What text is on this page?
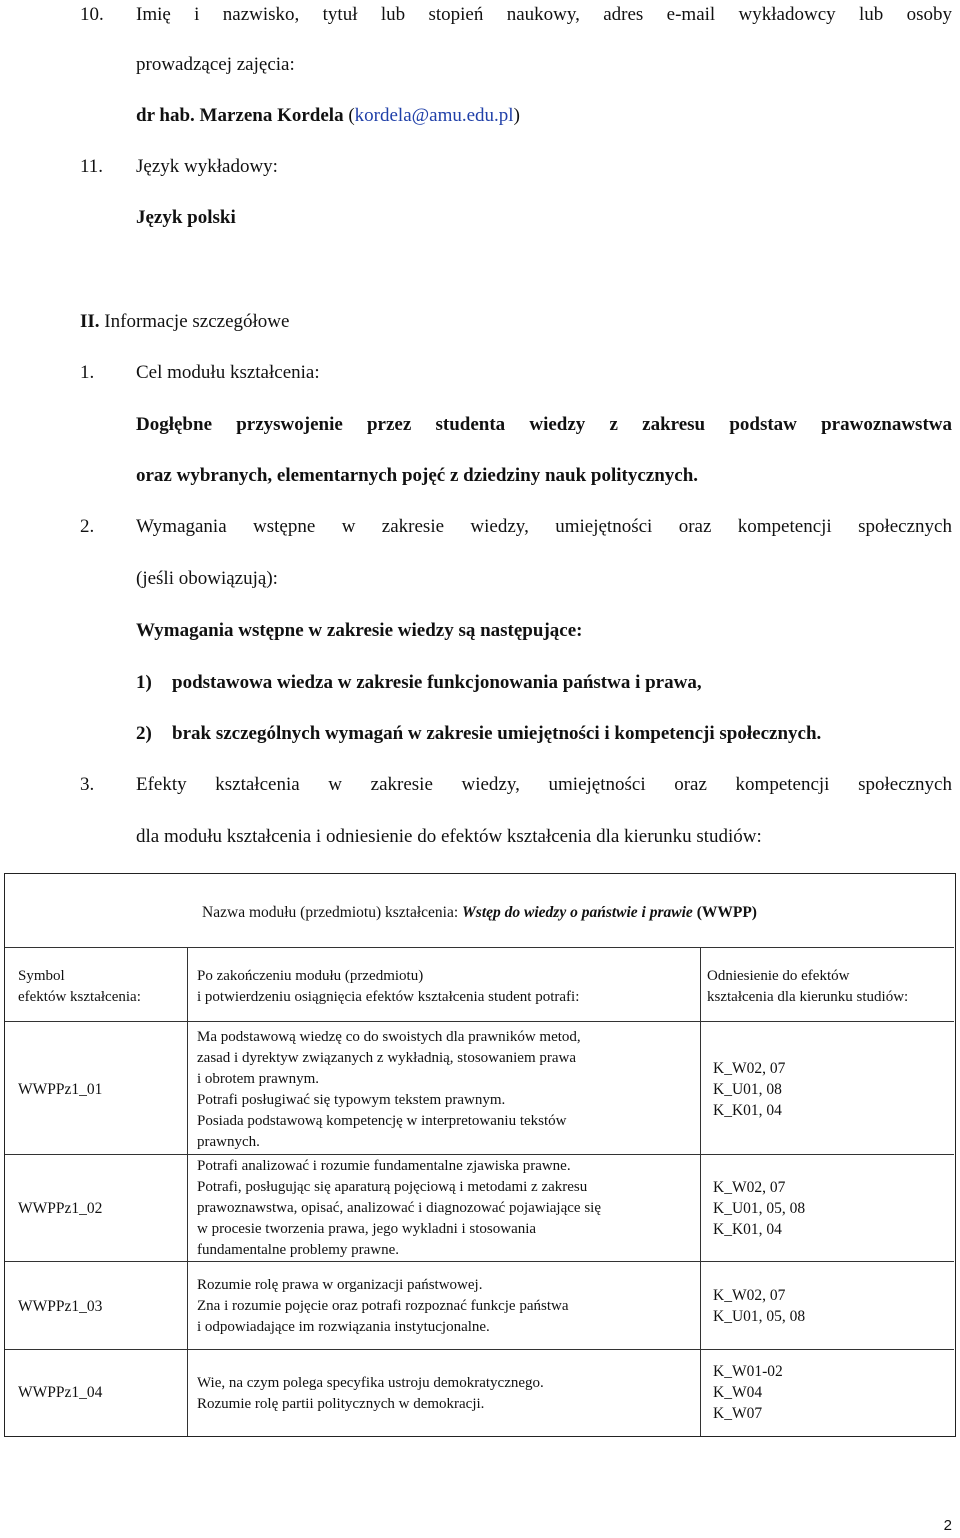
10. Imię i nazwisko, tytuł lub stopień naukowy, adres e-mail wykładowcy lub osoby
prowadzącej zajęcia:
dr hab. Marzena Kordela (kordela@amu.edu.pl)
11. Język wykładowy:
Język polski
II. Informacje szczegółowe
1. Cel modułu kształcenia:
Dogłębne przyswojenie przez studenta wiedzy z zakresu podstaw prawoznawstwa
oraz wybranych, elementarnych pojęć z dziedziny nauk politycznych.
2. Wymagania wstępne w zakresie wiedzy, umiejętności oraz kompetencji społecznych
(jeśli obowiązują):
Wymagania wstępne w zakresie wiedzy są następujące:
1) podstawowa wiedza w zakresie funkcjonowania państwa i prawa,
2) brak szczególnych wymagań w zakresie umiejętności i kompetencji społecznych.
3. Efekty kształcenia w zakresie wiedzy, umiejętności oraz kompetencji społecznych
dla modułu kształcenia i odniesienie do efektów kształcenia dla kierunku studiów:
Nazwa modułu (przedmiotu) kształcenia: Wstęp do wiedzy o państwie i prawie (WWPP)
Symbol
efektów kształcenia:
Po zakończeniu modułu (przedmiotu)
i potwierdzeniu osiągnięcia efektów kształcenia student potrafi:
Odniesienie do efektów
kształcenia dla kierunku studiów:
WWPPz1_01
Ma podstawową wiedzę co do swoistych dla prawników metod,
zasad i dyrektyw związanych z wykładnią, stosowaniem prawa
i obrotem prawnym.
Potrafi posługiwać się typowym tekstem prawnym.
Posiada podstawową kompetencję w interpretowaniu tekstów
prawnych.
K_W02, 07
K_U01, 08
K_K01, 04
WWPPz1_02
Potrafi analizować i rozumie fundamentalne zjawiska prawne.
Potrafi, posługując się aparaturą pojęciową i metodami z zakresu
prawoznawstwa, opisać, analizować i diagnozować pojawiające się
w procesie tworzenia prawa, jego wykladni i stosowania
fundamentalne problemy prawne.
K_W02, 07
K_U01, 05, 08
K_K01, 04
WWPPz1_03
Rozumie rolę prawa w organizacji państwowej.
Zna i rozumie pojęcie oraz potrafi rozpoznać funkcje państwa
i odpowiadające im rozwiązania instytucjonalne.
K_W02, 07
K_U01, 05, 08
WWPPz1_04
Wie, na czym polega specyfika ustroju demokratycznego.
Rozumie rolę partii politycznych w demokracji.
K_W01-02
K_W04
K_W07
2
